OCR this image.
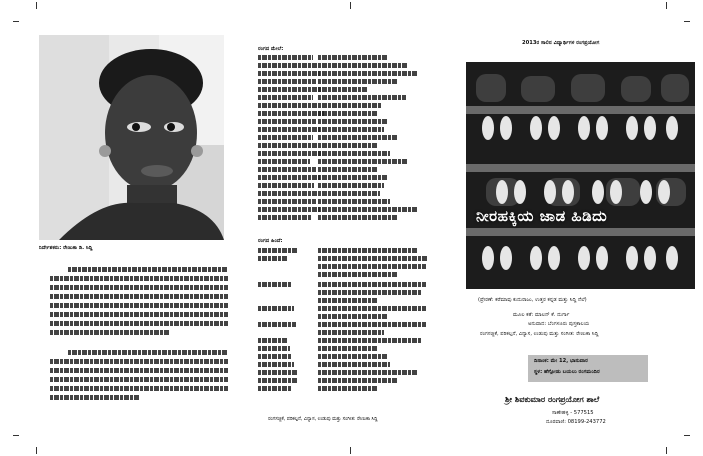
ನಿರ್ದೇಶಕರು: ರೇಣುಕಾ ಡಿ. ಸಿದ್ದಿ
ರಂಗದ ಮೇಲೆ:
ರಂಗದ ಹಿಂದೆ:
ರಂಗಸಜ್ಜಿಕೆ, ಪರಿಕಲ್ಪನೆ, ವಿನ್ಯಾಸ, ಉಡುಪು ಮತ್ತು ಸಂಗೀತ: ರೇಣುಕಾ ಸಿದ್ದಿ
2013ರ ಸಾಲಿನ ವಿದ್ಯಾರ್ಥಿಗಳ ರಂಗಪ್ರಯೋಗ
ನೀರಹಕ್ಕಿಯ ಜಾಡ ಹಿಡಿದು
(ಪ್ರೇರಣೆ: ಕರೆಮಾವು ಕುದುರಾಜು, ಉತ್ತರ ಕನ್ನಡ ಮತ್ತು ಸಿದ್ದಿ ನೆಲೆ)
ಮೂಲ ಕತೆ: ಮಾಲನ್ ಕೆ. ದುರ್ಗಾ
ಅನುವಾದ: ಬೆಂಗಳೂರು ಪುಸ್ತಕಾಲಯ
ರಂಗಸಜ್ಜಿಕೆ, ಪರಿಕಲ್ಪನೆ, ವಿನ್ಯಾಸ, ಉಡುಪು ಮತ್ತು ಸಂಗೀತ: ರೇಣುಕಾ ಸಿದ್ದಿ
ದಿನಾಂಕ: ಮೇ 12, ಭಾನುವಾರ
ಸ್ಥಳ: ಹೆಗ್ಗೋಡು ಬಯಲು ರಂಗಮಂದಿರ
ಶ್ರೀ ಶಿವಕುಮಾರ ರಂಗಪ್ರಯೋಗ ಶಾಲೆ
ಸಾಣೇಹಳ್ಳಿ - 577515
ದೂರವಾಣಿ: 08199-243772
